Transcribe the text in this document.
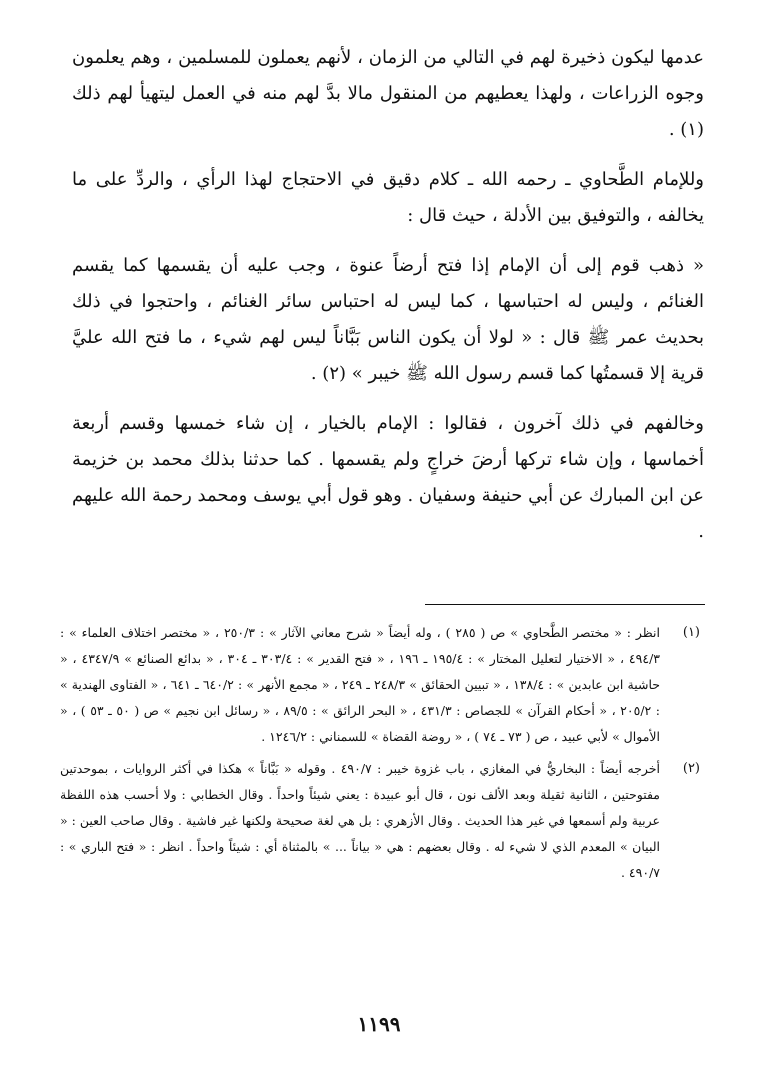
عدمها ليكون ذخيرة لهم في التالي من الزمان ، لأنهم يعملون للمسلمين ، وهم يعلمون وجوه الزراعات ، ولهذا يعطيهم من المنقول مالا بدَّ لهم منه في العمل ليتهيأ لهم ذلك (١) .

وللإمام الطَّحاوي ـ رحمه الله ـ كلام دقيق في الاحتجاج لهذا الرأي ، والردِّ على ما يخالفه ، والتوفيق بين الأدلة ، حيث قال :

« ذهب قوم إلى أن الإمام إذا فتح أرضاً عنوة ، وجب عليه أن يقسمها كما يقسم الغنائم ، وليس له احتباسها ، كما ليس له احتباس سائر الغنائم ، واحتجوا في ذلك بحديث عمر ﷺ قال : « لولا أن يكون الناس بَبَّاناً ليس لهم شيء ، ما فتح الله عليَّ قرية إلا قسمتُها كما قسم رسول الله ﷺ خيبر » (٢) .

وخالفهم في ذلك آخرون ، فقالوا : الإمام بالخيار ، إن شاء خمسها وقسم أربعة أخماسها ، وإن شاء تركها أرضَ خراجٍ ولم يقسمها . كما حدثنا بذلك محمد بن خزيمة عن ابن المبارك عن أبي حنيفة وسفيان . وهو قول أبي يوسف ومحمد رحمة الله عليهم .

(١)
انظر : « مختصر الطَّحاوي » ص ( ٢٨٥ ) ، وله أيضاً « شرح معاني الآثار » : ٢٥٠/٣ ، « مختصر اختلاف العلماء » : ٤٩٤/٣ ، « الاختيار لتعليل المختار » : ١٩٥/٤ ـ ١٩٦ ، « فتح القدير » : ٣٠٣/٤ ـ ٣٠٤ ، « بدائع الصنائع » ٤٣٤٧/٩ ، « حاشية ابن عابدين » : ١٣٨/٤ ، « تبيين الحقائق » ٢٤٨/٣ ـ ٢٤٩ ، « مجمع الأنهر » : ٦٤٠/٢ ـ ٦٤١ ، « الفتاوى الهندية » : ٢٠٥/٢ ، « أحكام القرآن » للجصاص : ٤٣١/٣ ، « البحر الرائق » : ٨٩/٥ ، « رسائل ابن نجيم » ص ( ٥٠ ـ ٥٣ ) ، « الأموال » لأبي عبيد ، ص ( ٧٣ ـ ٧٤ ) ، « روضة القضاة » للسمناني : ١٢٤٦/٢ .
(٢)
أخرجه أيضاً : البخاريُّ في المغازي ، باب غزوة خيبر : ٤٩٠/٧ . وقوله « بَبَّاناً » هكذا في أكثر الروايات ، بموحدتين مفتوحتين ، الثانية ثقيلة وبعد الألف نون ، قال أبو عبيدة : يعني شيئاً واحداً . وقال الخطابي : ولا أحسب هذه اللفظة عربية ولم أسمعها في غير هذا الحديث . وقال الأزهري : بل هي لغة صحيحة ولكنها غير فاشية . وقال صاحب العين : « البيان » المعدم الذي لا شيء له . وقال بعضهم : هي « بياناً ... » بالمثناة أي : شيئاً واحداً . انظر : « فتح الباري » : ٤٩٠/٧ .
١١٩٩
